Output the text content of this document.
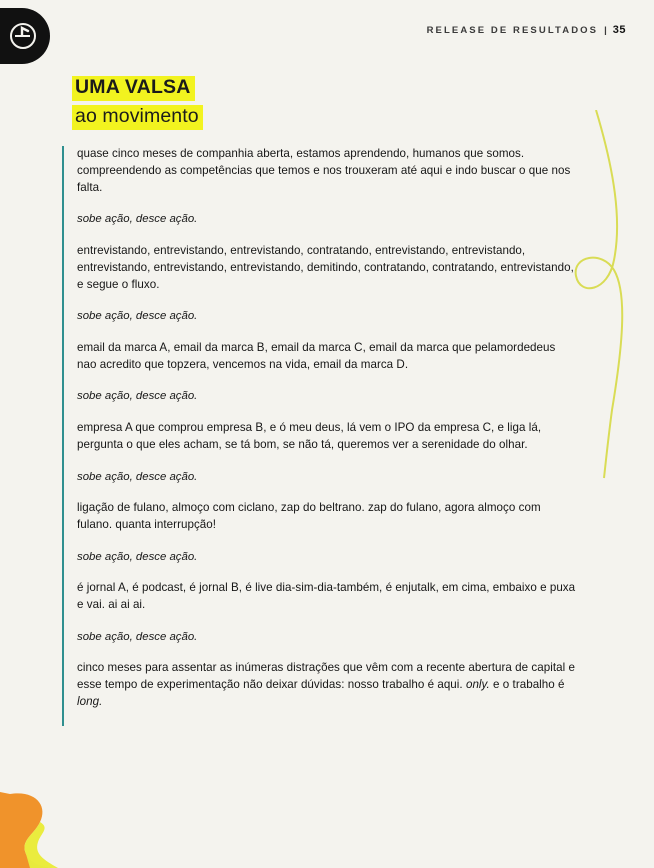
RELEASE DE RESULTADOS | 35

quase cinco meses de companhia aberta, estamos aprendendo, humanos que somos. compreendendo as competências que temos e nos trouxeram até aqui e indo buscar o que nos falta.

sobe ação, desce ação.

entrevistando, entrevistando, entrevistando, contratando, entrevistando, entrevistando, entrevistando, entrevistando, entrevistando, demitindo, contratando, contratando, entrevistando, e segue o fluxo.

sobe ação, desce ação.

email da marca A, email da marca B, email da marca C, email da marca que pelamordedeus nao acredito que topzera, vencemos na vida, email da marca D.

sobe ação, desce ação.

empresa A que comprou empresa B, e ó meu deus, lá vem o IPO da empresa C, e liga lá, pergunta o que eles acham, se tá bom, se não tá, queremos ver a serenidade do olhar.

sobe ação, desce ação.

ligação de fulano, almoço com ciclano, zap do beltrano. zap do fulano, agora almoço com fulano. quanta interrupção!

sobe ação, desce ação.

é jornal A, é podcast, é jornal B, é live dia-sim-dia-também, é enjutalk, em cima, embaixo e puxa e vai. ai ai ai.

sobe ação, desce ação.

cinco meses para assentar as inúmeras distrações que vêm com a recente abertura de capital e esse tempo de experimentação não deixar dúvidas: nosso trabalho é aqui. only. e o trabalho é long.

UMA VALSA
ao movimento
